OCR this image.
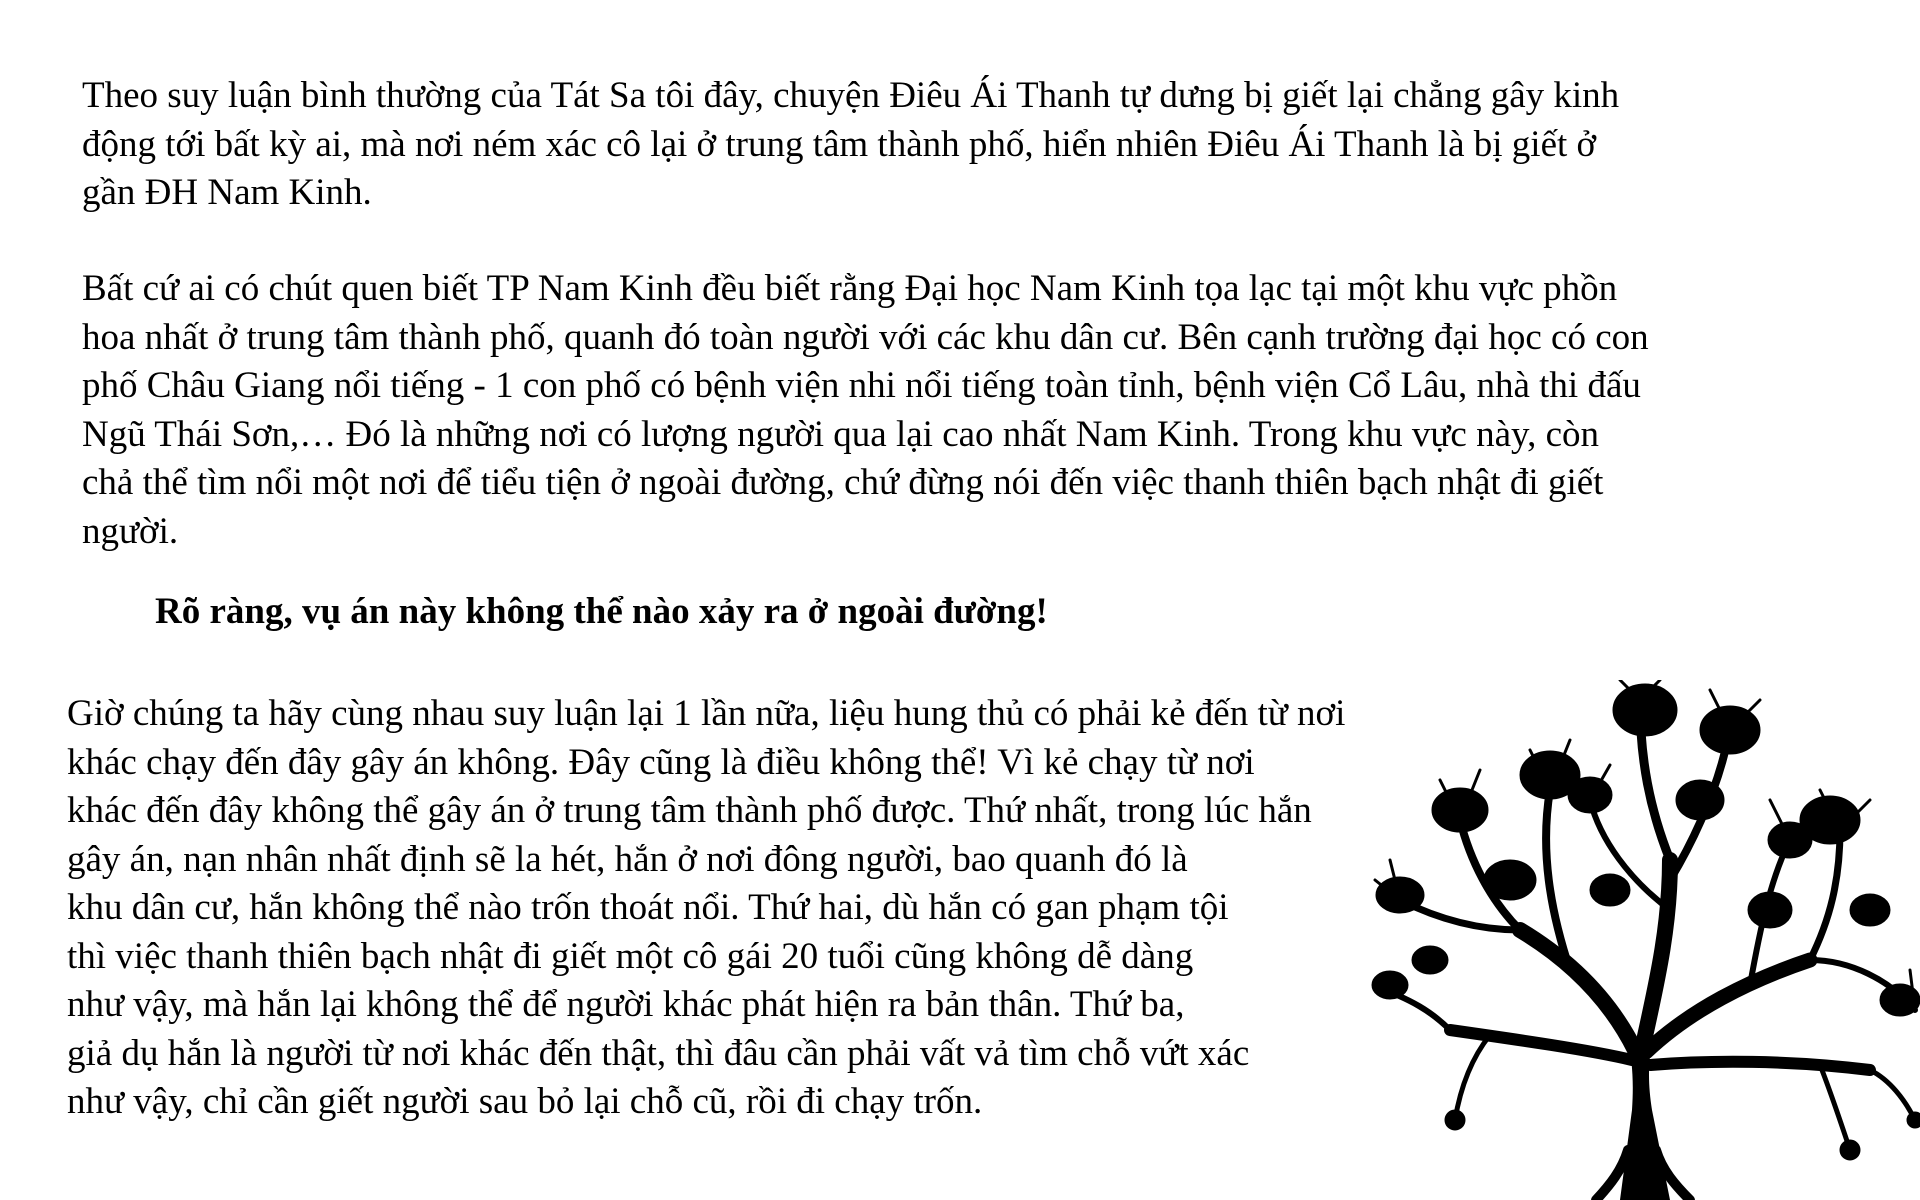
Theo suy luận bình thường của Tát Sa tôi đây, chuyện Điêu Ái Thanh tự dưng bị giết lại chẳng gây kinh
động tới bất kỳ ai, mà nơi ném xác cô lại ở trung tâm thành phố, hiển nhiên Điêu Ái Thanh là bị giết ở
gần ĐH Nam Kinh.

Bất cứ ai có chút quen biết TP Nam Kinh đều biết rằng Đại học Nam Kinh tọa lạc tại một khu vực phồn
hoa nhất ở trung tâm thành phố, quanh đó toàn người với các khu dân cư. Bên cạnh trường đại học có con
phố Châu Giang nổi tiếng - 1 con phố có bệnh viện nhi nổi tiếng toàn tỉnh, bệnh viện Cổ Lâu, nhà thi đấu
Ngũ Thái Sơn,… Đó là những nơi có lượng người qua lại cao nhất Nam Kinh. Trong khu vực này, còn
chả thể tìm nổi một nơi để tiểu tiện ở ngoài đường, chứ đừng nói đến việc thanh thiên bạch nhật đi giết
người.

Rõ ràng, vụ án này không thể nào xảy ra ở ngoài đường!

Giờ chúng ta hãy cùng nhau suy luận lại 1 lần nữa, liệu hung thủ có phải kẻ đến từ nơi
khác chạy đến đây gây án không. Đây cũng là điều không thể! Vì kẻ chạy từ nơi
khác đến đây không thể gây án ở trung tâm thành phố được. Thứ nhất, trong lúc hắn
gây án, nạn nhân nhất định sẽ la hét, hắn ở nơi đông người, bao quanh đó là
khu dân cư, hắn không thể nào trốn thoát nổi. Thứ hai, dù hắn có gan phạm tội
thì việc thanh thiên bạch nhật đi giết một cô gái 20 tuổi cũng không dễ dàng
như vậy, mà hắn lại không thể để người khác phát hiện ra bản thân. Thứ ba,
giả dụ hắn là người từ nơi khác đến thật, thì đâu cần phải vất vả tìm chỗ vứt xác
như vậy, chỉ cần giết người sau bỏ lại chỗ cũ, rồi đi chạy trốn.
